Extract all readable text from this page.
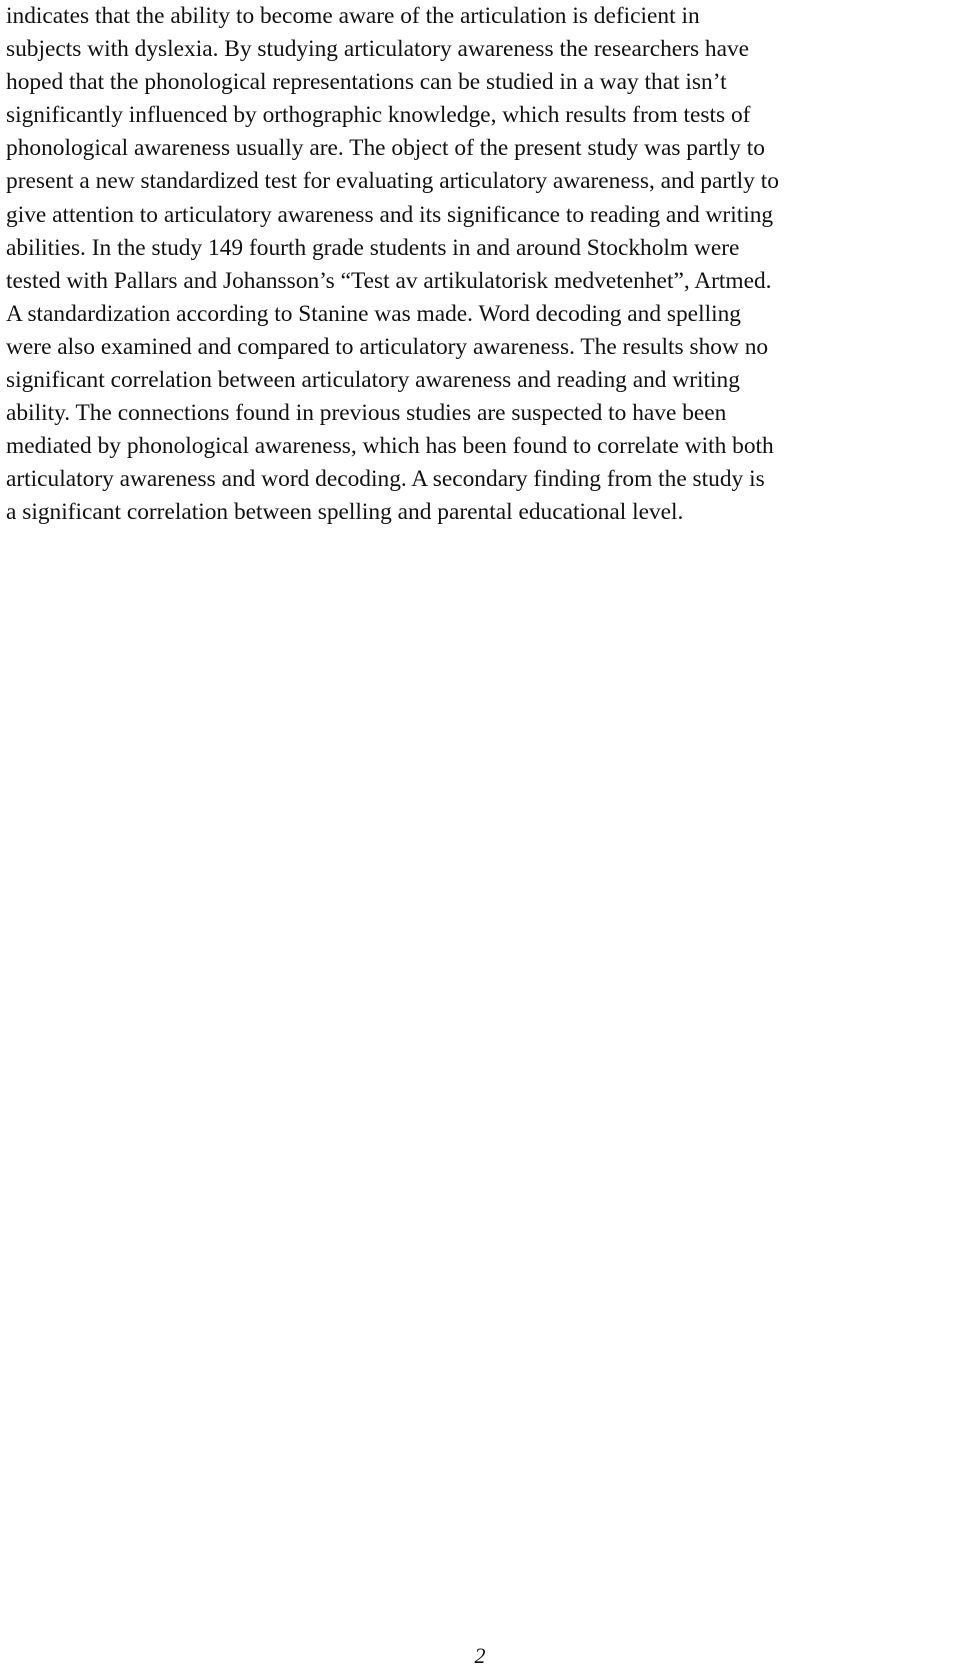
indicates that the ability to become aware of the articulation is deficient in
subjects with dyslexia. By studying articulatory awareness the researchers have
hoped that the phonological representations can be studied in a way that isn’t
significantly influenced by orthographic knowledge, which results from tests of
phonological awareness usually are. The object of the present study was partly to
present a new standardized test for evaluating articulatory awareness, and partly to
give attention to articulatory awareness and its significance to reading and writing
abilities. In the study 149 fourth grade students in and around Stockholm were
tested with Pallars and Johansson’s “Test av artikulatorisk medvetenhet”, Artmed.
A standardization according to Stanine was made. Word decoding and spelling
were also examined and compared to articulatory awareness. The results show no
significant correlation between articulatory awareness and reading and writing
ability. The connections found in previous studies are suspected to have been
mediated by phonological awareness, which has been found to correlate with both
articulatory awareness and word decoding. A secondary finding from the study is
a significant correlation between spelling and parental educational level.

2
